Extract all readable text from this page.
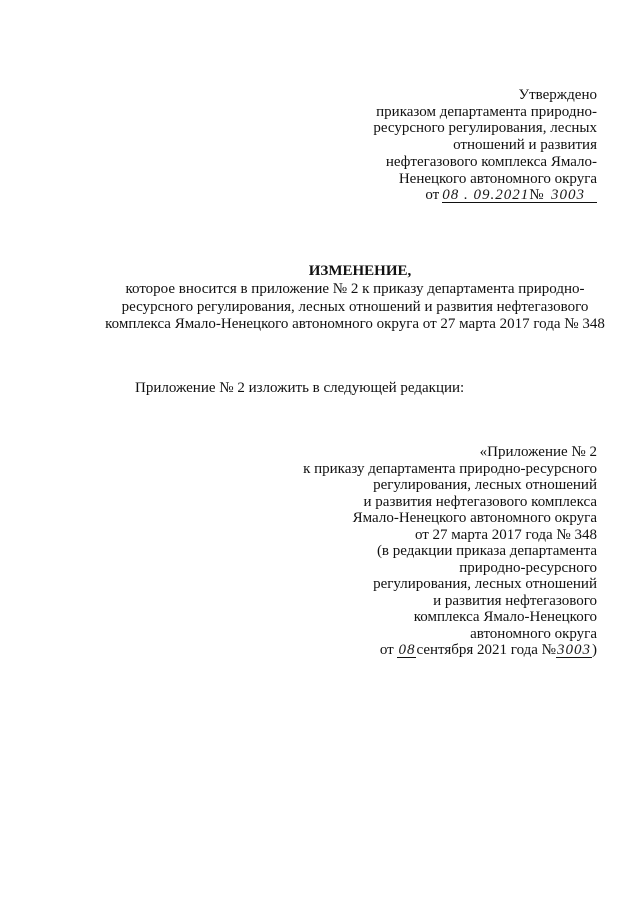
Утверждено
приказом департамента природно-
ресурсного регулирования, лесных
отношений и развития
нефтегазового комплекса Ямало-
Ненецкого автономного округа
от 08 . 09.2021№ 3003
ИЗМЕНЕНИЕ,
которое вносится в приложение № 2 к приказу департамента природно-
ресурсного регулирования, лесных отношений и развития нефтегазового
комплекса Ямало-Ненецкого автономного округа от 27 марта 2017 года № 348
Приложение № 2 изложить в следующей редакции:
«Приложение № 2
к приказу департамента природно-ресурсного
регулирования, лесных отношений
и развития нефтегазового комплекса
Ямало-Ненецкого автономного округа
от 27 марта 2017 года № 348
(в редакции приказа департамента
природно-ресурсного
регулирования, лесных отношений
и развития нефтегазового
комплекса Ямало-Ненецкого
автономного округа
от 08сентября 2021 года №3003)
